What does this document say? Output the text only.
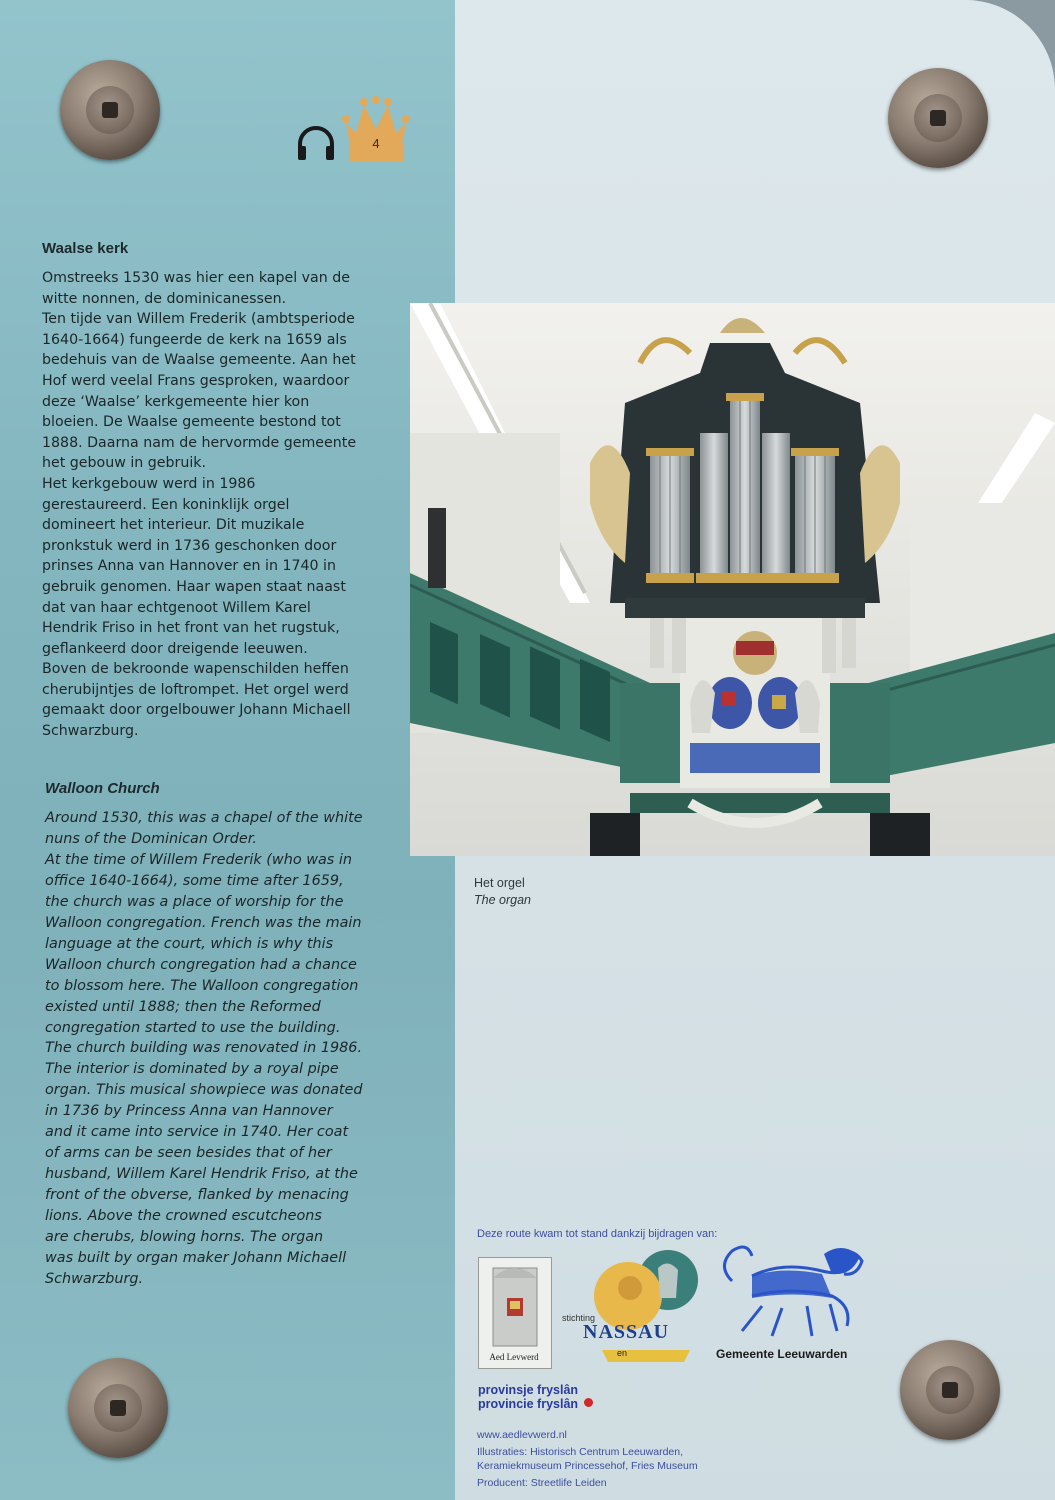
4
Waalse kerk
Omstreeks 1530 was hier een kapel van de
witte nonnen, de dominicanessen.
Ten tijde van Willem Frederik (ambtsperiode
1640-1664) fungeerde de kerk na 1659 als
bedehuis van de Waalse gemeente. Aan het
Hof werd veelal Frans gesproken, waardoor
deze ‘Waalse’ kerkgemeente hier kon
bloeien. De Waalse gemeente bestond tot
1888. Daarna nam de hervormde gemeente
het gebouw in gebruik.
Het kerkgebouw werd in 1986
gerestaureerd. Een koninklijk orgel
domineert het interieur. Dit muzikale
pronkstuk werd in 1736 geschonken door
prinses Anna van Hannover en in 1740 in
gebruik genomen. Haar wapen staat naast
dat van haar echtgenoot Willem Karel
Hendrik Friso in het front van het rugstuk,
geflankeerd door dreigende leeuwen.
Boven de bekroonde wapenschilden heffen
cherubijntjes de loftrompet. Het orgel werd
gemaakt door orgelbouwer Johann Michaell
Schwarzburg.
Walloon Church
Around 1530, this was a chapel of the white
nuns of the Dominican Order.
At the time of Willem Frederik (who was in
office 1640-1664), some time after 1659,
the church was a place of worship for the
Walloon congregation. French was the main
language at the court, which is why this
Walloon church congregation had a chance
to blossom here. The Walloon congregation
existed until 1888; then the Reformed
congregation started to use the building.
The church building was renovated in 1986.
The interior is dominated by a royal pipe
organ. This musical showpiece was donated
in 1736 by Princess Anna van Hannover
and it came into service in 1740. Her coat
of arms can be seen besides that of her
husband, Willem Karel Hendrik Friso, at the
front of the obverse, flanked by menacing
lions. Above the crowned escutcheons
are cherubs, blowing horns. The organ
was built by organ maker Johann Michaell
Schwarzburg.
Het orgel
The organ
Deze route kwam tot stand dankzij bijdragen van:
Aed Levwerd
stichting
NASSAU
en	Gemeente Leeuwarden
provinsje fryslân
provincie fryslân

www.aedlevwerd.nl

Illustraties: Historisch Centrum Leeuwarden,
Keramiekmuseum Princessehof, Fries Museum

Producent: Streetlife Leiden
